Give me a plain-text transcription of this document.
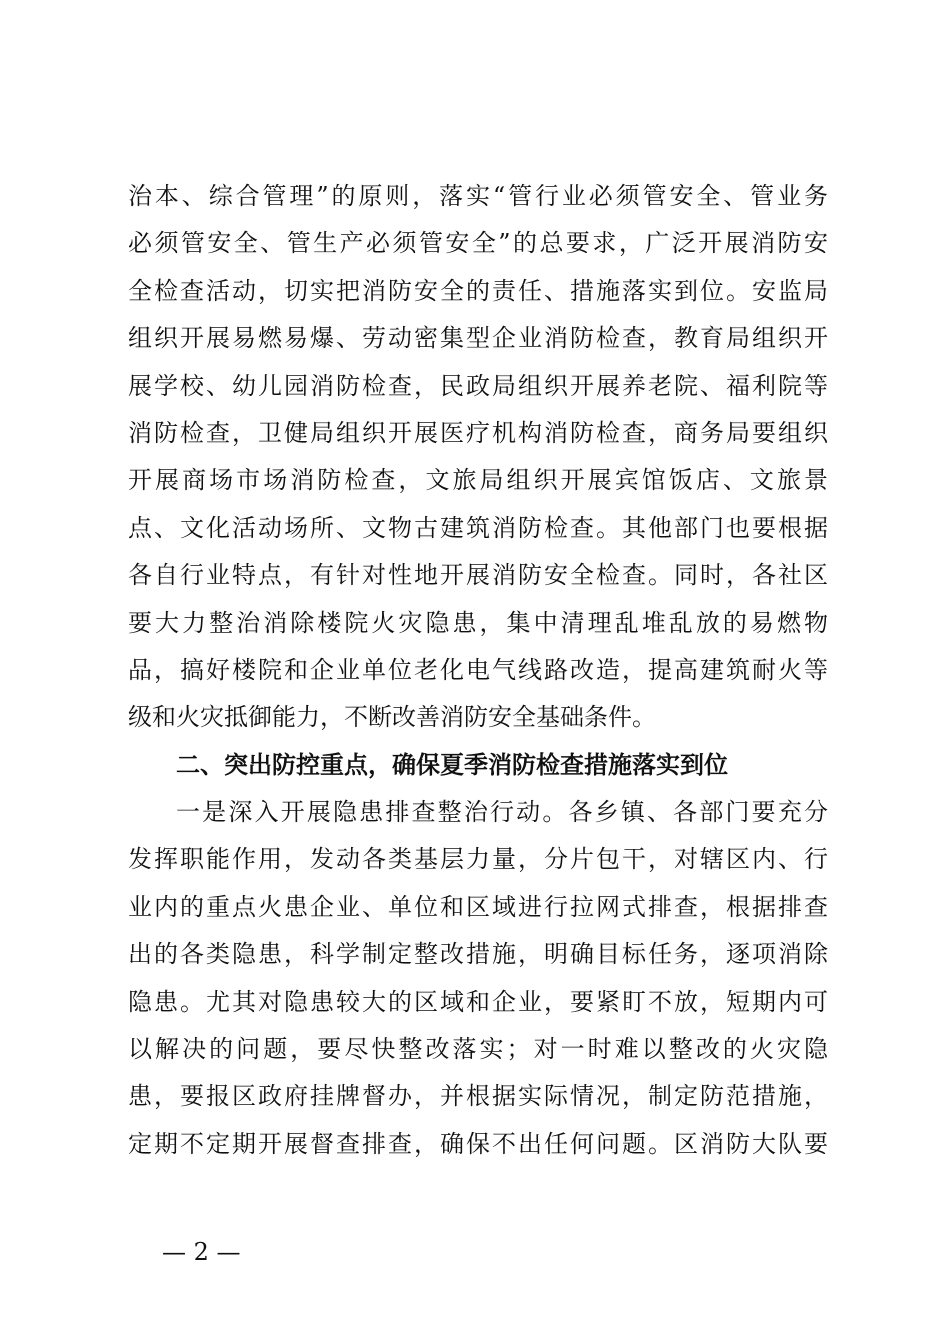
治本、综合管理”的原则，落实“管行业必须管安全、管业务
必须管安全、管生产必须管安全”的总要求，广泛开展消防安
全检查活动，切实把消防安全的责任、措施落实到位。安监局
组织开展易燃易爆、劳动密集型企业消防检查，教育局组织开
展学校、幼儿园消防检查，民政局组织开展养老院、福利院等
消防检查，卫健局组织开展医疗机构消防检查，商务局要组织
开展商场市场消防检查，文旅局组织开展宾馆饭店、文旅景
点、文化活动场所、文物古建筑消防检查。其他部门也要根据
各自行业特点，有针对性地开展消防安全检查。同时，各社区
要大力整治消除楼院火灾隐患，集中清理乱堆乱放的易燃物
品，搞好楼院和企业单位老化电气线路改造，提高建筑耐火等
级和火灾抵御能力，不断改善消防安全基础条件。
二、突出防控重点，确保夏季消防检查措施落实到位
一是深入开展隐患排查整治行动。各乡镇、各部门要充分
发挥职能作用，发动各类基层力量，分片包干，对辖区内、行
业内的重点火患企业、单位和区域进行拉网式排查，根据排查
出的各类隐患，科学制定整改措施，明确目标任务，逐项消除
隐患。尤其对隐患较大的区域和企业，要紧盯不放，短期内可
以解决的问题，要尽快整改落实；对一时难以整改的火灾隐
患，要报区政府挂牌督办，并根据实际情况，制定防范措施，
定期不定期开展督查排查，确保不出任何问题。区消防大队要
— 2 —
